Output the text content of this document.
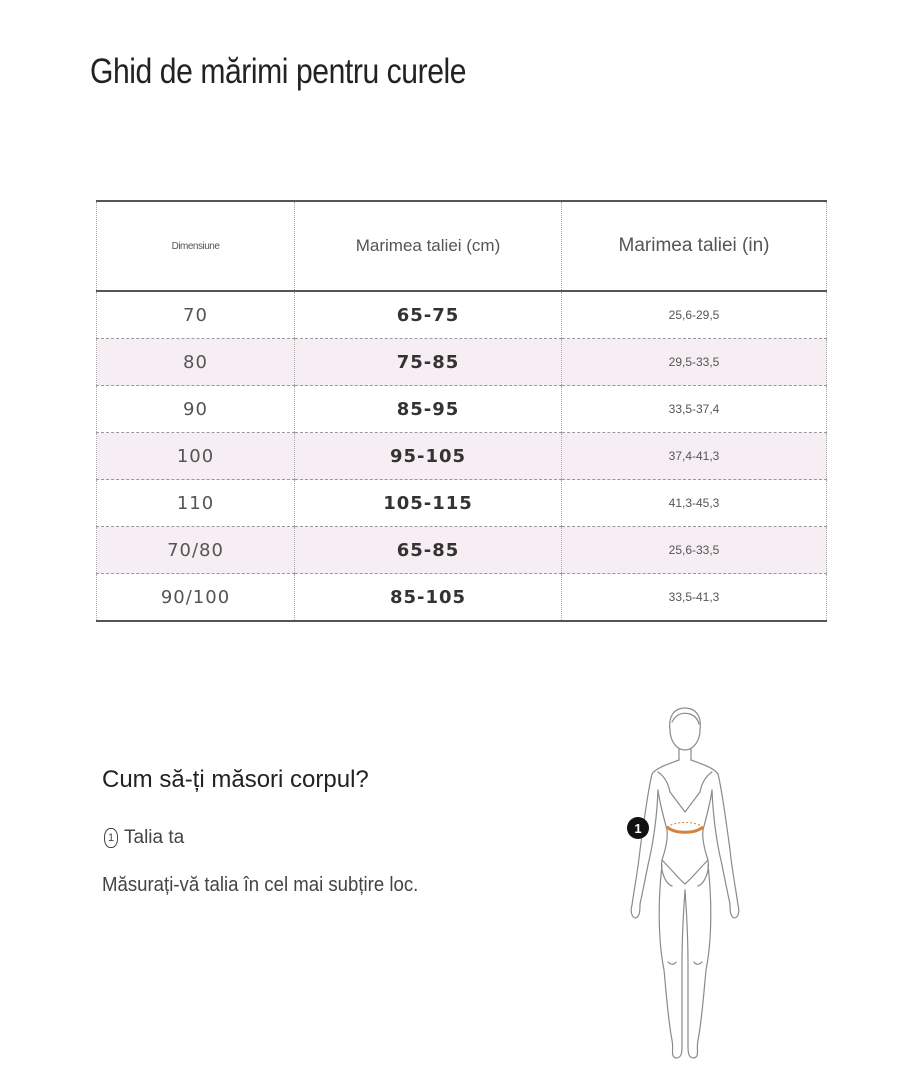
Ghid de mărimi pentru curele
Dimensiune	Marimea taliei (cm)	Marimea taliei (in)
70	65-75	25,6-29,5
80	75-85	29,5-33,5
90	85-95	33,5-37,4
100	95-105	37,4-41,3
110	105-115	41,3-45,3
70/80	65-85	25,6-33,5
90/100	85-105	33,5-41,3
Cum să-ți măsori corpul?
1 Talia ta
Măsurați-vă talia în cel mai subțire loc.
1
